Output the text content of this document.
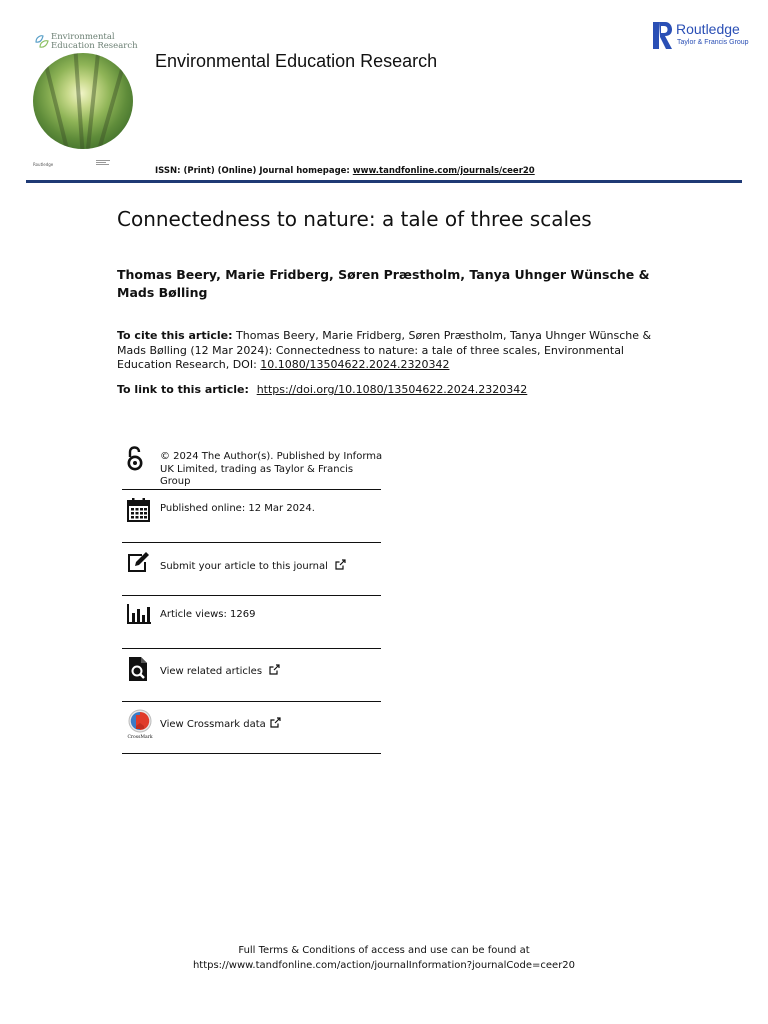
Environmental
Education Research
Routledge
Environmental Education Research
Routledge
Taylor & Francis Group
ISSN: (Print) (Online) Journal homepage: www.tandfonline.com/journals/ceer20
Connectedness to nature: a tale of three scales
Thomas Beery, Marie Fridberg, Søren Præstholm, Tanya Uhnger Wünsche & Mads Bølling
To cite this article: Thomas Beery, Marie Fridberg, Søren Præstholm, Tanya Uhnger Wünsche & Mads Bølling (12 Mar 2024): Connectedness to nature: a tale of three scales, Environmental Education Research, DOI: 10.1080/13504622.2024.2320342
To link to this article: https://doi.org/10.1080/13504622.2024.2320342
© 2024 The Author(s). Published by Informa
UK Limited, trading as Taylor & Francis
Group
Published online: 12 Mar 2024.
Submit your article to this journal
Article views: 1269
View related articles
CrossMark
View Crossmark data
Full Terms & Conditions of access and use can be found at
https://www.tandfonline.com/action/journalInformation?journalCode=ceer20
